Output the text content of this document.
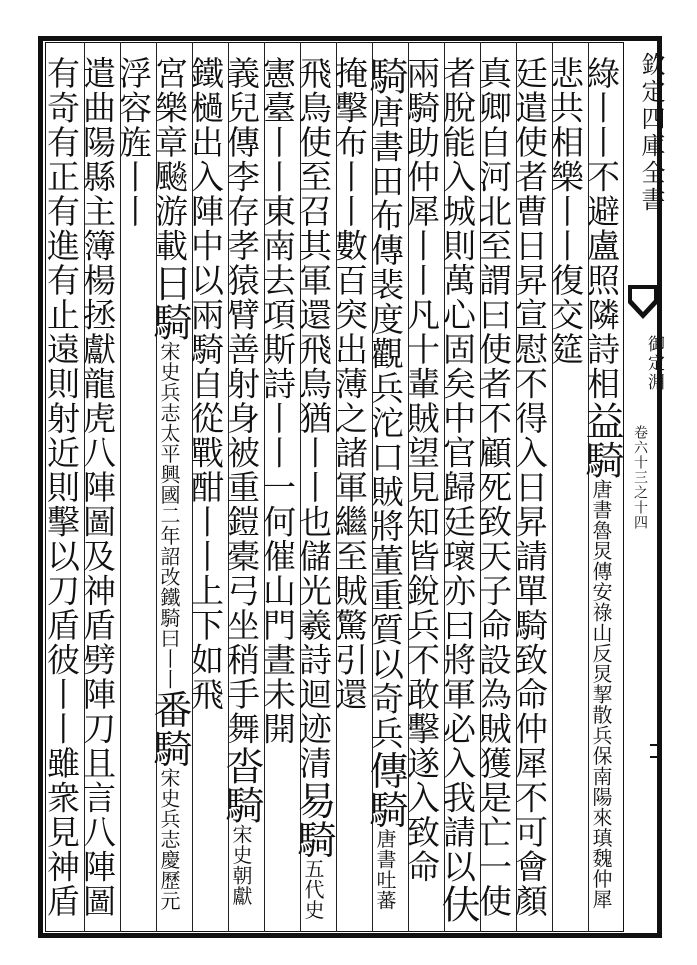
欽定四庫全書
御定淵
卷六十三之十四
綠丨丨不避盧照隣詩相益騎唐書魯炅傳安祿山反炅挈散兵保南陽來瑱魏仲犀
悲共相樂丨丨復交筵
廷遣使者曹日昇宣慰不得入日昇請單騎致命仲犀不可會顏
真卿自河北至謂曰使者不顧死致天子命設為賊獲是亡一使
者脫能入城則萬心固矣中官歸廷瓌亦曰將軍必入我請以伕
兩騎助仲犀丨丨凡十輩賊望見知皆銳兵不敢擊遂入致命
騎唐書田布傳裴度觀兵沱口賊將董重質以奇兵傳騎唐書吐蕃
掩擊布丨丨數百突出薄之諸軍繼至賊驚引還
飛鳥使至召其軍還飛鳥猶丨丨也儲光羲詩迴迹清易騎五代史
憲臺丨丨東南去項斯詩丨丨一何催山門晝未開
義兒傳李存孝猿臂善射身被重鎧橐弓坐稍手舞沓騎宋史朝獻
鐵檛出入陣中以兩騎自從戰酣丨丨上下如飛
宮樂章飈游載日騎宋史兵志太平興國二年詔改鐵騎曰丨丨番騎宋史兵志慶歷元
浮容旌丨丨
遣曲陽縣主簿楊拯獻龍虎八陣圖及神盾劈陣刀且言八陣圖
有奇有正有進有止遠則射近則擊以刀盾彼丨丨雖衆見神盾
